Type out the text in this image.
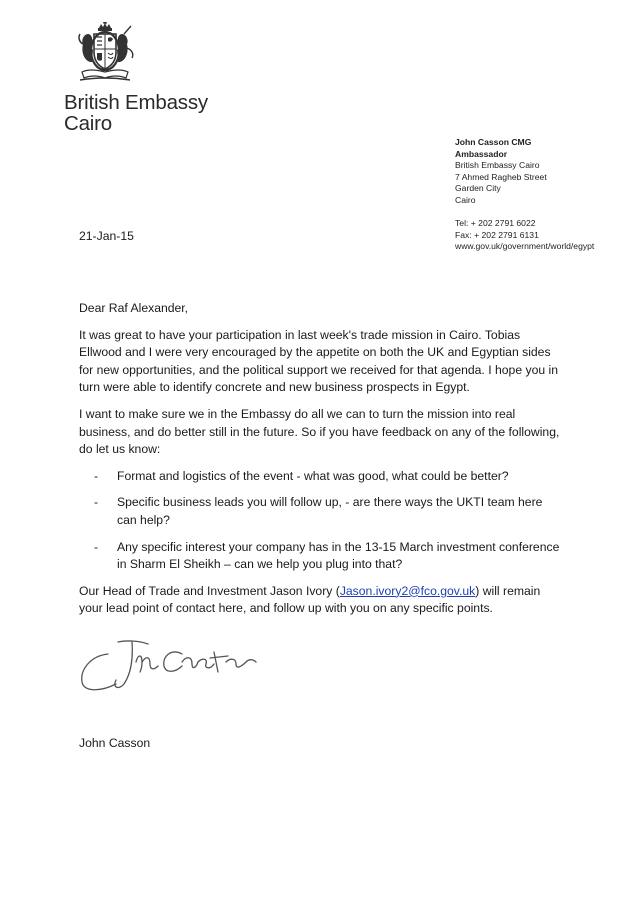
British Embassy
Cairo
John Casson CMG
Ambassador
British Embassy Cairo
7 Ahmed Ragheb Street
Garden City
Cairo
Tel: + 202 2791 6022
Fax: + 202 2791 6131
www.gov.uk/government/world/egypt
21-Jan-15

Dear Raf Alexander,

It was great to have your participation in last week's trade mission in Cairo. Tobias Ellwood and I were very encouraged by the appetite on both the UK and Egyptian sides for new opportunities, and the political support we received for that agenda. I hope you in turn were able to identify concrete and new business prospects in Egypt.

I want to make sure we in the Embassy do all we can to turn the mission into real business, and do better still in the future. So if you have feedback on any of the following, do let us know:

- Format and logistics of the event - what was good, what could be better?
- Specific business leads you will follow up, - are there ways the UKTI team here can help?
- Any specific interest your company has in the 13-15 March investment conference in Sharm El Sheikh – can we help you plug into that?

Our Head of Trade and Investment Jason Ivory (Jason.ivory2@fco.gov.uk) will remain your lead point of contact here, and follow up with you on any specific points.

John Casson
